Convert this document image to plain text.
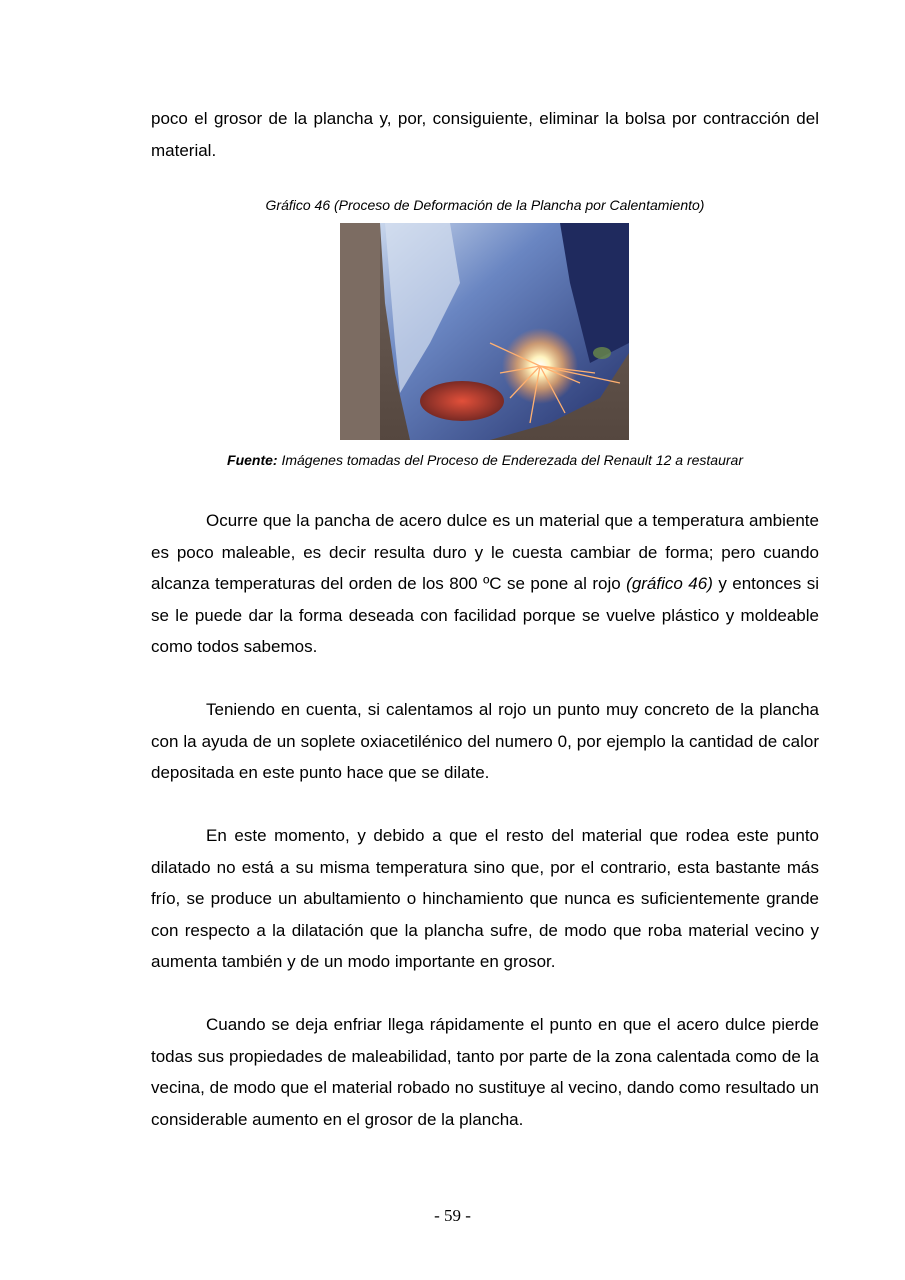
poco el grosor de la plancha y, por, consiguiente, eliminar la bolsa por contracción del material.

Gráfico 46 (Proceso de Deformación de la Plancha por Calentamiento)

Fuente: Imágenes tomadas del Proceso de Enderezada del Renault 12 a restaurar

Ocurre que la pancha de acero dulce es un material que a temperatura ambiente es poco maleable, es decir resulta duro y le cuesta cambiar de forma; pero cuando alcanza temperaturas del orden de los 800 ºC se pone al rojo (gráfico 46) y entonces si se le puede dar la forma deseada con facilidad porque se vuelve plástico y moldeable como todos sabemos.

Teniendo en cuenta, si calentamos al rojo un punto muy concreto de la plancha con la ayuda de un soplete oxiacetilénico del numero 0, por ejemplo la cantidad de calor depositada en este punto hace que se dilate.

En este momento, y debido a que el resto del material que rodea este punto dilatado no está a su misma temperatura sino que, por el contrario, esta bastante más frío, se produce un abultamiento o hinchamiento que nunca es suficientemente grande con respecto a la dilatación que la plancha sufre, de modo que roba material vecino y aumenta también y de un modo importante en grosor.

Cuando se deja enfriar llega rápidamente el punto en que el acero dulce pierde todas sus propiedades de maleabilidad, tanto por parte de la zona calentada como de la vecina, de modo que el material robado no sustituye al vecino, dando como resultado un considerable aumento en el grosor de la plancha.

- 59 -
